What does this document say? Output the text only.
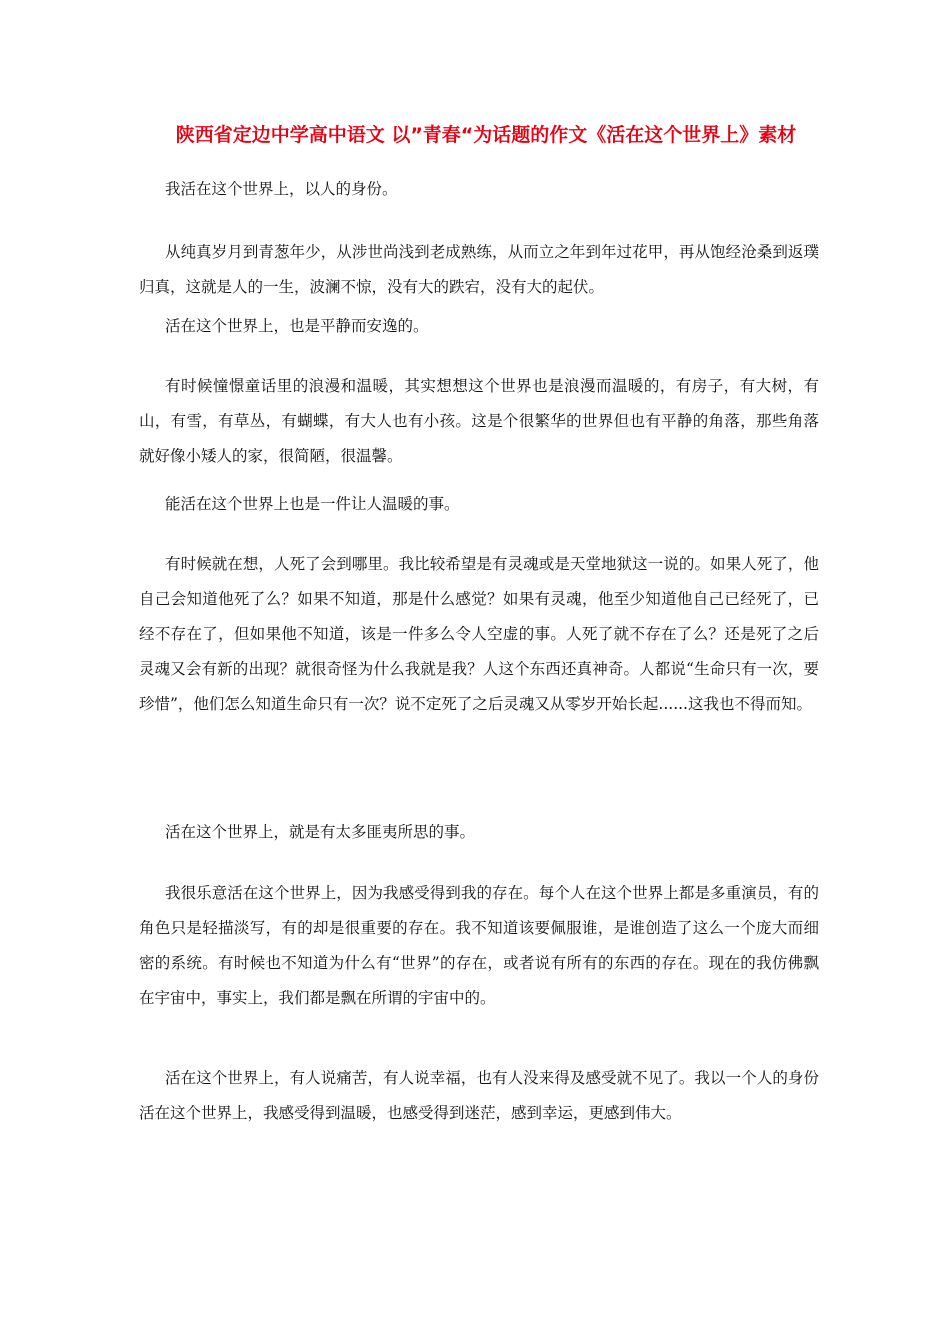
陕西省定边中学高中语文 以”青春“为话题的作文《活在这个世界上》素材
我活在这个世界上，以人的身份。
从纯真岁月到青葱年少，从涉世尚浅到老成熟练，从而立之年到年过花甲，再从饱经沧桑到返璞归真，这就是人的一生，波澜不惊，没有大的跌宕，没有大的起伏。
活在这个世界上，也是平静而安逸的。
有时候憧憬童话里的浪漫和温暖，其实想想这个世界也是浪漫而温暖的，有房子，有大树，有山，有雪，有草丛，有蝴蝶，有大人也有小孩。这是个很繁华的世界但也有平静的角落，那些角落就好像小矮人的家，很简陋，很温馨。
能活在这个世界上也是一件让人温暖的事。
有时候就在想，人死了会到哪里。我比较希望是有灵魂或是天堂地狱这一说的。如果人死了，他自己会知道他死了么？如果不知道，那是什么感觉？如果有灵魂，他至少知道他自己已经死了，已经不存在了，但如果他不知道，该是一件多么令人空虚的事。人死了就不存在了么？还是死了之后灵魂又会有新的出现？就很奇怪为什么我就是我？人这个东西还真神奇。人都说“生命只有一次，要珍惜”，他们怎么知道生命只有一次？说不定死了之后灵魂又从零岁开始长起......这我也不得而知。
活在这个世界上，就是有太多匪夷所思的事。
我很乐意活在这个世界上，因为我感受得到我的存在。每个人在这个世界上都是多重演员，有的角色只是轻描淡写，有的却是很重要的存在。我不知道该要佩服谁，是谁创造了这么一个庞大而细密的系统。有时候也不知道为什么有“世界”的存在，或者说有所有的东西的存在。现在的我仿佛飘在宇宙中，事实上，我们都是飘在所谓的宇宙中的。
活在这个世界上，有人说痛苦，有人说幸福，也有人没来得及感受就不见了。我以一个人的身份活在这个世界上，我感受得到温暖，也感受得到迷茫，感到幸运，更感到伟大。
